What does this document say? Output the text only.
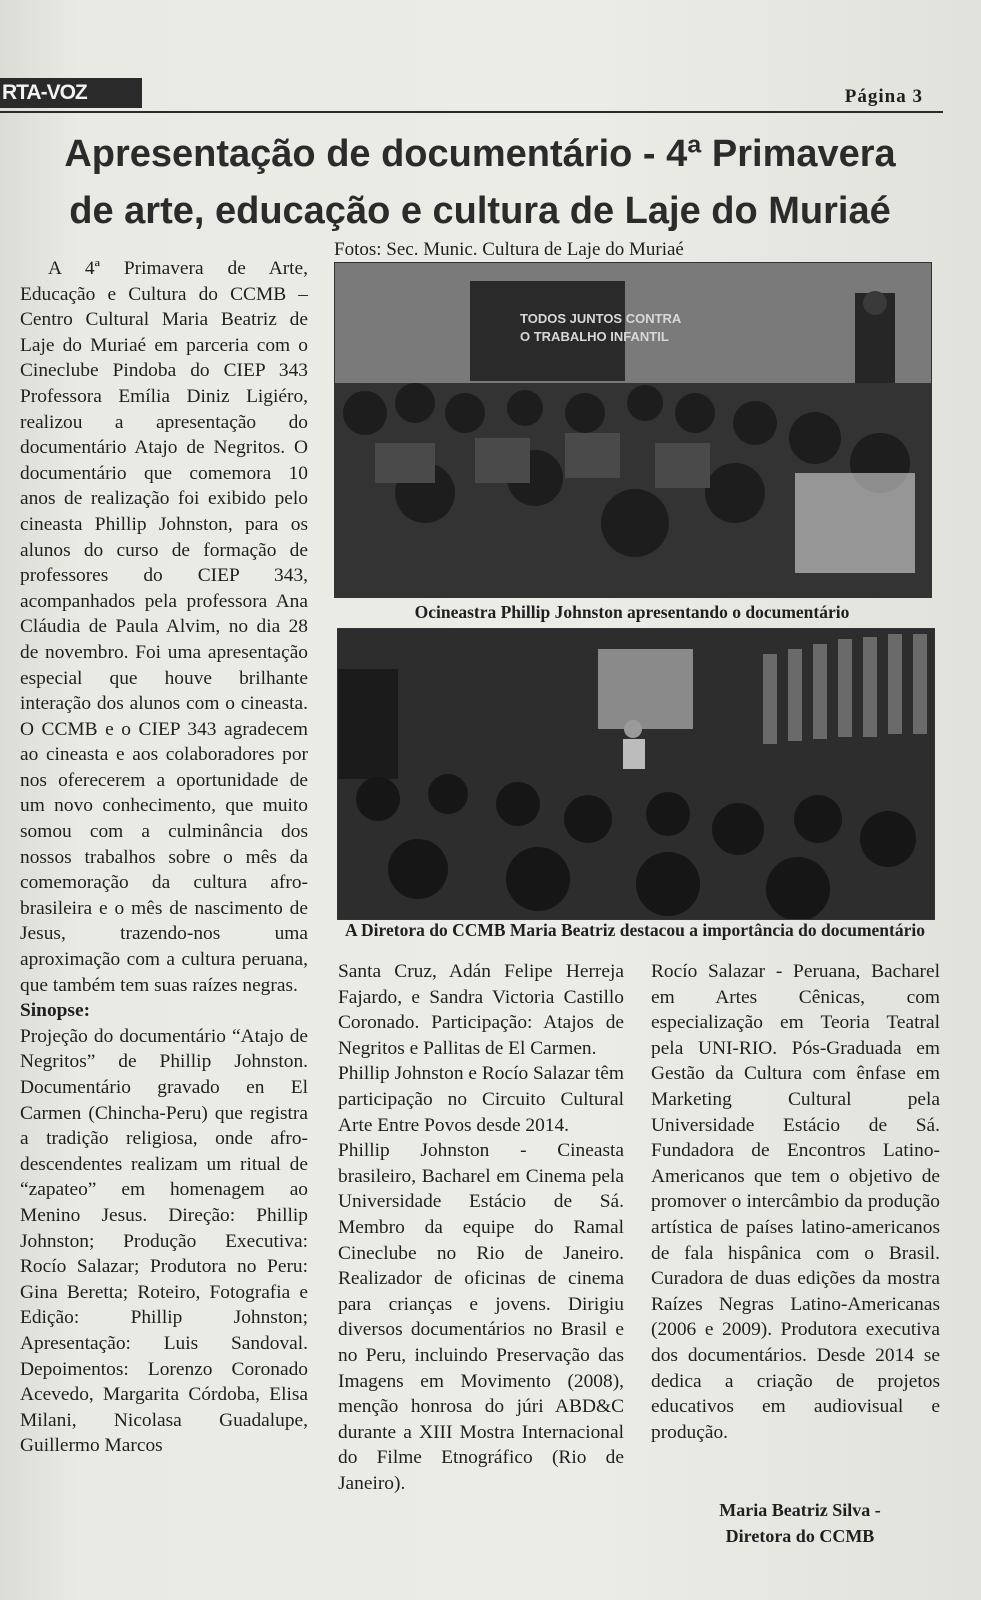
RTA-VOZ	Página 3
Apresentação de documentário - 4ª Primavera
de arte, educação e cultura de Laje do Muriaé
Fotos: Sec. Munic. Cultura de Laje do Muriaé

A 4ª Primavera de Arte, Educação e Cultura do CCMB – Centro Cultural Maria Beatriz de Laje do Muriaé em parceria com o Cineclube Pindoba do CIEP 343 Professora Emília Diniz Ligiéro, realizou a apresentação do documentário Atajo de Negritos. O documentário que comemora 10 anos de realização foi exibido pelo cineasta Phillip Johnston, para os alunos do curso de formação de professores do CIEP 343, acompanhados pela professora Ana Cláudia de Paula Alvim, no dia 28 de novembro. Foi uma apresentação especial que houve brilhante interação dos alunos com o cineasta. O CCMB e o CIEP 343 agradecem ao cineasta e aos colaboradores por nos oferecerem a oportunidade de um novo conhecimento, que muito somou com a culminância dos nossos trabalhos sobre o mês da comemoração da cultura afro-brasileira e o mês de nascimento de Jesus, trazendo-nos uma aproximação com a cultura peruana, que também tem suas raízes negras.

Sinopse:

Projeção do documentário “Atajo de Negritos” de Phillip Johnston. Documentário gravado en El Carmen (Chincha-Peru) que registra a tradição religiosa, onde afro-descendentes realizam um ritual de “zapateo” em homenagem ao Menino Jesus. Direção: Phillip Johnston; Produção Executiva: Rocío Salazar; Produtora no Peru: Gina Beretta; Roteiro, Fotografia e Edição: Phillip Johnston; Apresentação: Luis Sandoval. Depoimentos: Lorenzo Coronado Acevedo, Margarita Córdoba, Elisa Milani, Nicolasa Guadalupe, Guillermo Marcos

TODOS JUNTOS CONTRA
O TRABALHO INFANTIL
Ocineastra Phillip Johnston apresentando o documentário
A Diretora do CCMB Maria Beatriz destacou a importância do documentário

Santa Cruz, Adán Felipe Herreja Fajardo, e Sandra Victoria Castillo Coronado. Participação: Atajos de Negritos e Pallitas de El Carmen.

Phillip Johnston e Rocío Salazar têm participação no Circuito Cultural Arte Entre Povos desde 2014.

Phillip Johnston - Cineasta brasileiro, Bacharel em Cinema pela Universidade Estácio de Sá. Membro da equipe do Ramal Cineclube no Rio de Janeiro. Realizador de oficinas de cinema para crianças e jovens. Dirigiu diversos documentários no Brasil e no Peru, incluindo Preservação das Imagens em Movimento (2008), menção honrosa do júri ABD&C durante a XIII Mostra Internacional do Filme Etnográfico (Rio de Janeiro).

Rocío Salazar - Peruana, Bacharel em Artes Cênicas, com especialização em Teoria Teatral pela UNI-RIO. Pós-Graduada em Gestão da Cultura com ênfase em Marketing Cultural pela Universidade Estácio de Sá. Fundadora de Encontros Latino-Americanos que tem o objetivo de promover o intercâmbio da produção artística de países latino-americanos de fala hispânica com o Brasil. Curadora de duas edições da mostra Raízes Negras Latino-Americanas (2006 e 2009). Produtora executiva dos documentários. Desde 2014 se dedica a criação de projetos educativos em audiovisual e produção.

Maria Beatriz Silva -
Diretora do CCMB
